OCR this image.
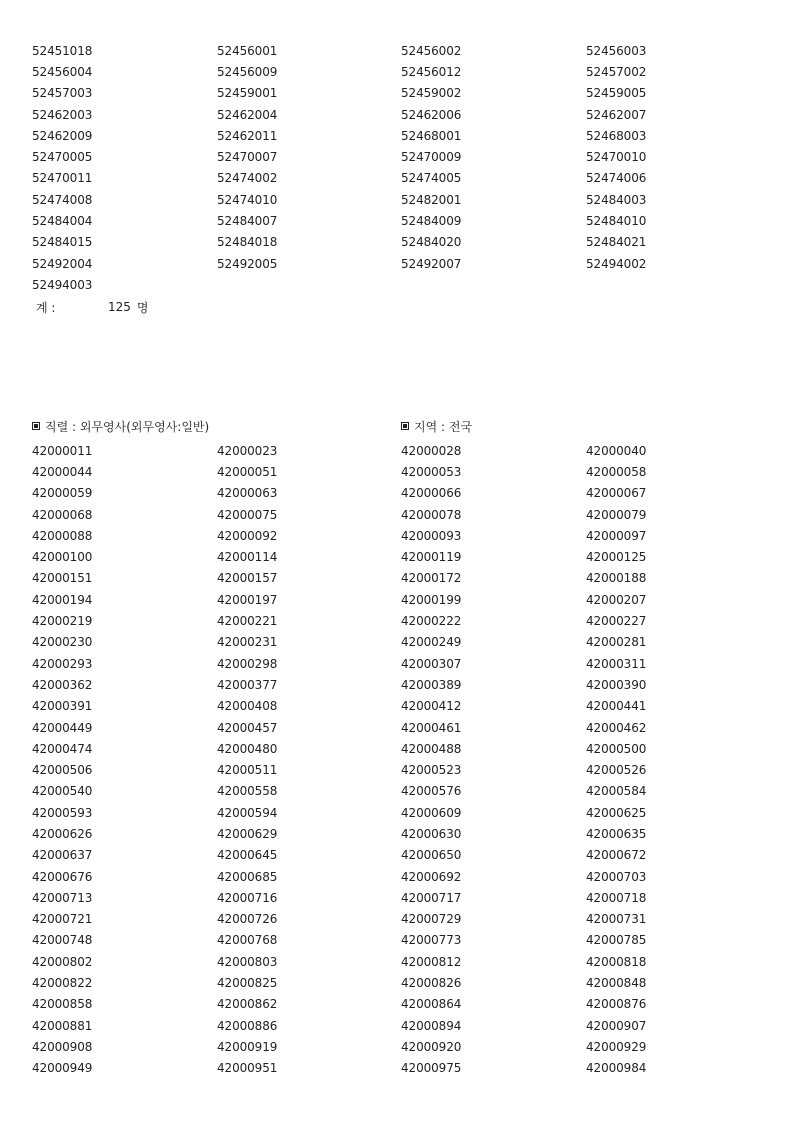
52451018	52456001	52456002	52456003
52456004	52456009	52456012	52457002
52457003	52459001	52459002	52459005
52462003	52462004	52462006	52462007
52462009	52462011	52468001	52468003
52470005	52470007	52470009	52470010
52470011	52474002	52474005	52474006
52474008	52474010	52482001	52484003
52484004	52484007	52484009	52484010
52484015	52484018	52484020	52484021
52492004	52492005	52492007	52494002
52494003
계 :	125 명
직렬 : 외무영사(외무영사:일반)	지역 : 전국
42000011	42000023	42000028	42000040
42000044	42000051	42000053	42000058
42000059	42000063	42000066	42000067
42000068	42000075	42000078	42000079
42000088	42000092	42000093	42000097
42000100	42000114	42000119	42000125
42000151	42000157	42000172	42000188
42000194	42000197	42000199	42000207
42000219	42000221	42000222	42000227
42000230	42000231	42000249	42000281
42000293	42000298	42000307	42000311
42000362	42000377	42000389	42000390
42000391	42000408	42000412	42000441
42000449	42000457	42000461	42000462
42000474	42000480	42000488	42000500
42000506	42000511	42000523	42000526
42000540	42000558	42000576	42000584
42000593	42000594	42000609	42000625
42000626	42000629	42000630	42000635
42000637	42000645	42000650	42000672
42000676	42000685	42000692	42000703
42000713	42000716	42000717	42000718
42000721	42000726	42000729	42000731
42000748	42000768	42000773	42000785
42000802	42000803	42000812	42000818
42000822	42000825	42000826	42000848
42000858	42000862	42000864	42000876
42000881	42000886	42000894	42000907
42000908	42000919	42000920	42000929
42000949	42000951	42000975	42000984
